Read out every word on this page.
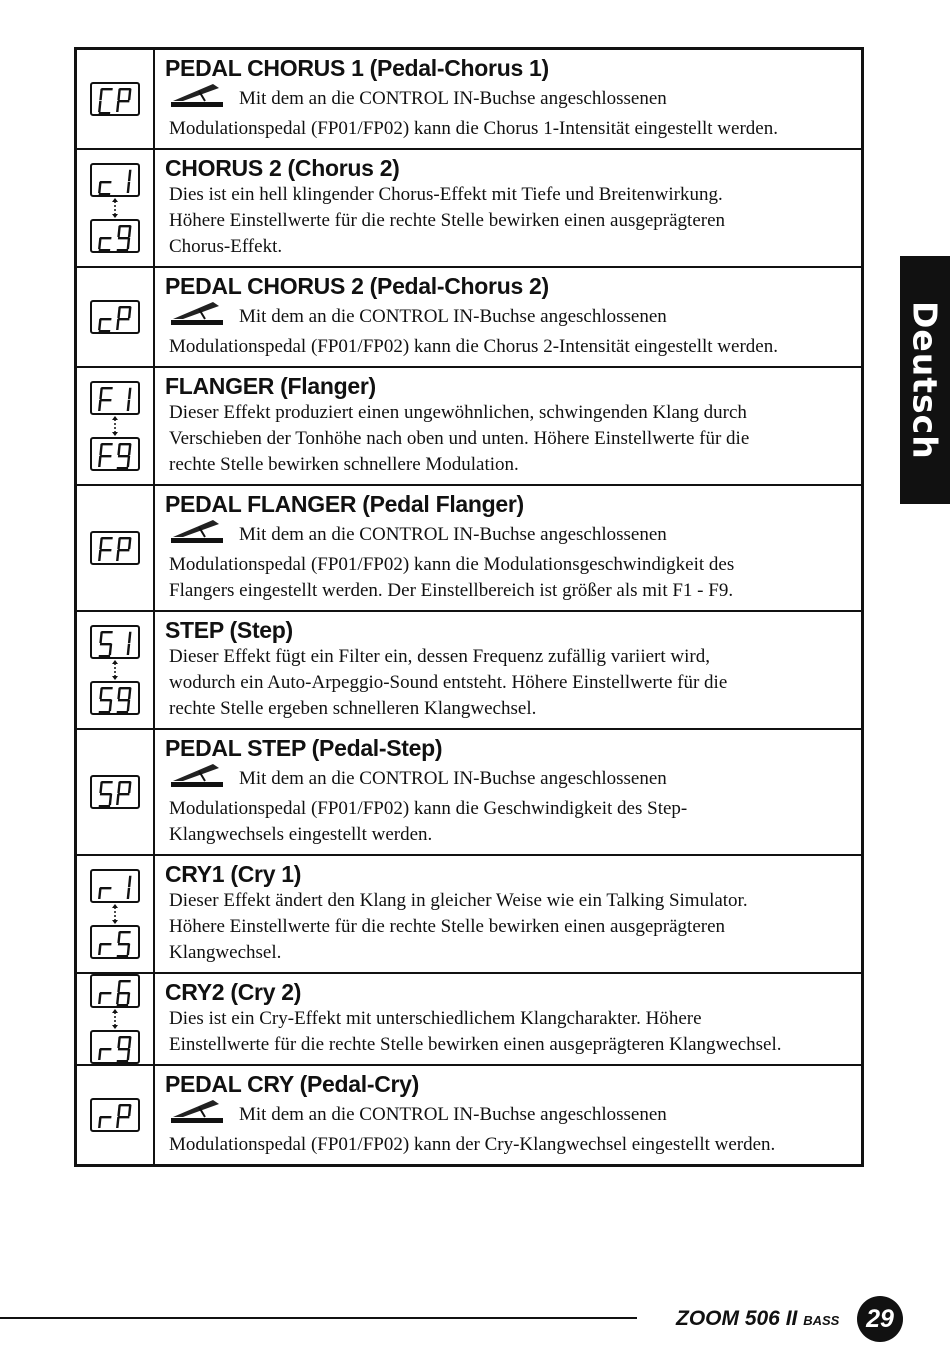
PEDAL CHORUS 1 (Pedal-Chorus 1)
Mit dem an die CONTROL IN-Buchse angeschlossenen
Modulationspedal (FP01/FP02) kann die Chorus 1-Intensität eingestellt werden.
CHORUS 2 (Chorus 2)
Dies ist ein hell klingender Chorus-Effekt mit Tiefe und Breitenwirkung.
Höhere Einstellwerte für die rechte Stelle bewirken einen ausgeprägteren
Chorus-Effekt.
PEDAL CHORUS 2 (Pedal-Chorus 2)
Mit dem an die CONTROL IN-Buchse angeschlossenen
Modulationspedal (FP01/FP02) kann die Chorus 2-Intensität eingestellt werden.
FLANGER (Flanger)
Dieser Effekt produziert einen ungewöhnlichen, schwingenden Klang durch
Verschieben der Tonhöhe nach oben und unten. Höhere Einstellwerte für die
rechte Stelle bewirken schnellere Modulation.
PEDAL FLANGER (Pedal Flanger)
Mit dem an die CONTROL IN-Buchse angeschlossenen
Modulationspedal (FP01/FP02) kann die Modulationsgeschwindigkeit des
Flangers eingestellt werden. Der Einstellbereich ist größer als mit F1 - F9.
STEP (Step)
Dieser Effekt fügt ein Filter ein, dessen Frequenz zufällig variiert wird,
wodurch ein Auto-Arpeggio-Sound entsteht. Höhere Einstellwerte für die
rechte Stelle ergeben schnelleren Klangwechsel.
PEDAL STEP (Pedal-Step)
Mit dem an die CONTROL IN-Buchse angeschlossenen
Modulationspedal (FP01/FP02) kann die Geschwindigkeit des Step-
Klangwechsels eingestellt werden.
CRY1 (Cry 1)
Dieser Effekt ändert den Klang in gleicher Weise wie ein Talking Simulator.
Höhere Einstellwerte für die rechte Stelle bewirken einen ausgeprägteren
Klangwechsel.
CRY2 (Cry 2)
Dies ist ein Cry-Effekt mit unterschiedlichem Klangcharakter. Höhere
Einstellwerte für die rechte Stelle bewirken einen ausgeprägteren Klangwechsel.
PEDAL CRY (Pedal-Cry)
Mit dem an die CONTROL IN-Buchse angeschlossenen
Modulationspedal (FP01/FP02) kann der Cry-Klangwechsel eingestellt werden.
Deutsch
ZOOM 506 II BASS	29
